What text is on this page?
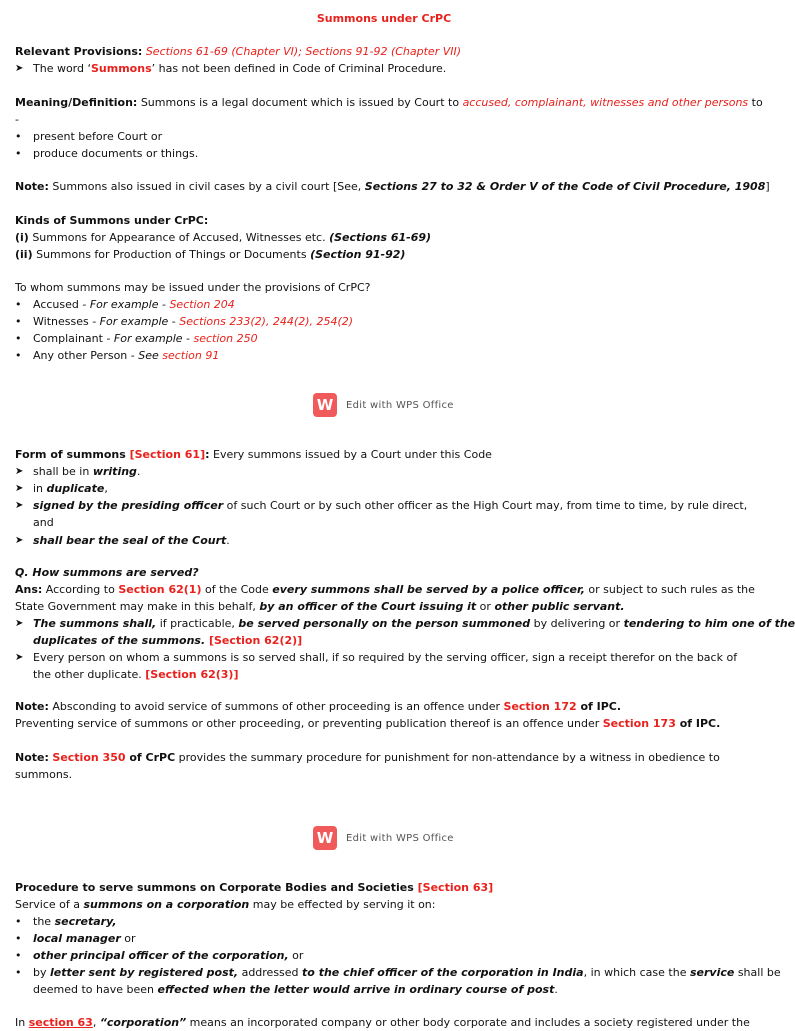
Summons under CrPC
Relevant Provisions: Sections 61-69 (Chapter VI); Sections 91-92 (Chapter VII)
➤ The word ‘Summons’ has not been defined in Code of Criminal Procedure.
Meaning/Definition: Summons is a legal document which is issued by Court to accused, complainant, witnesses and other persons to
-
•	present before Court or
•	produce documents or things.
Note: Summons also issued in civil cases by a civil court [See, Sections 27 to 32 & Order V of the Code of Civil Procedure, 1908]
Kinds of Summons under CrPC:
(i) Summons for Appearance of Accused, Witnesses etc. (Sections 61-69)
(ii) Summons for Production of Things or Documents (Section 91-92)
To whom summons may be issued under the provisions of CrPC?
•	Accused - For example - Section 204
•	Witnesses - For example - Sections 233(2), 244(2), 254(2)
•	Complainant - For example - section 250
•	Any other Person - See section 91
W	Edit with WPS Office
Form of summons [Section 61]: Every summons issued by a Court under this Code
➤ shall be in writing.
➤ in duplicate,
➤ signed by the presiding officer of such Court or by such other officer as the High Court may, from time to time, by rule direct,
and
➤ shall bear the seal of the Court.
Q. How summons are served?
Ans: According to Section 62(1) of the Code every summons shall be served by a police officer, or subject to such rules as the
State Government may make in this behalf, by an officer of the Court issuing it or other public servant.
➤ The summons shall, if practicable, be served personally on the person summoned by delivering or tendering to him one of the
duplicates of the summons. [Section 62(2)]
➤ Every person on whom a summons is so served shall, if so required by the serving officer, sign a receipt therefor on the back of
the other duplicate. [Section 62(3)]
Note: Absconding to avoid service of summons of other proceeding is an offence under Section 172 of IPC.
Preventing service of summons or other proceeding, or preventing publication thereof is an offence under Section 173 of IPC.
Note: Section 350 of CrPC provides the summary procedure for punishment for non-attendance by a witness in obedience to
summons.
W	Edit with WPS Office
Procedure to serve summons on Corporate Bodies and Societies [Section 63]
Service of a summons on a corporation may be effected by serving it on:
•	the secretary,
•	local manager or
•	other principal officer of the corporation, or
•	by letter sent by registered post, addressed to the chief officer of the corporation in India, in which case the service shall be
deemed to have been effected when the letter would arrive in ordinary course of post.
In section 63, “corporation” means an incorporated company or other body corporate and includes a society registered under the
